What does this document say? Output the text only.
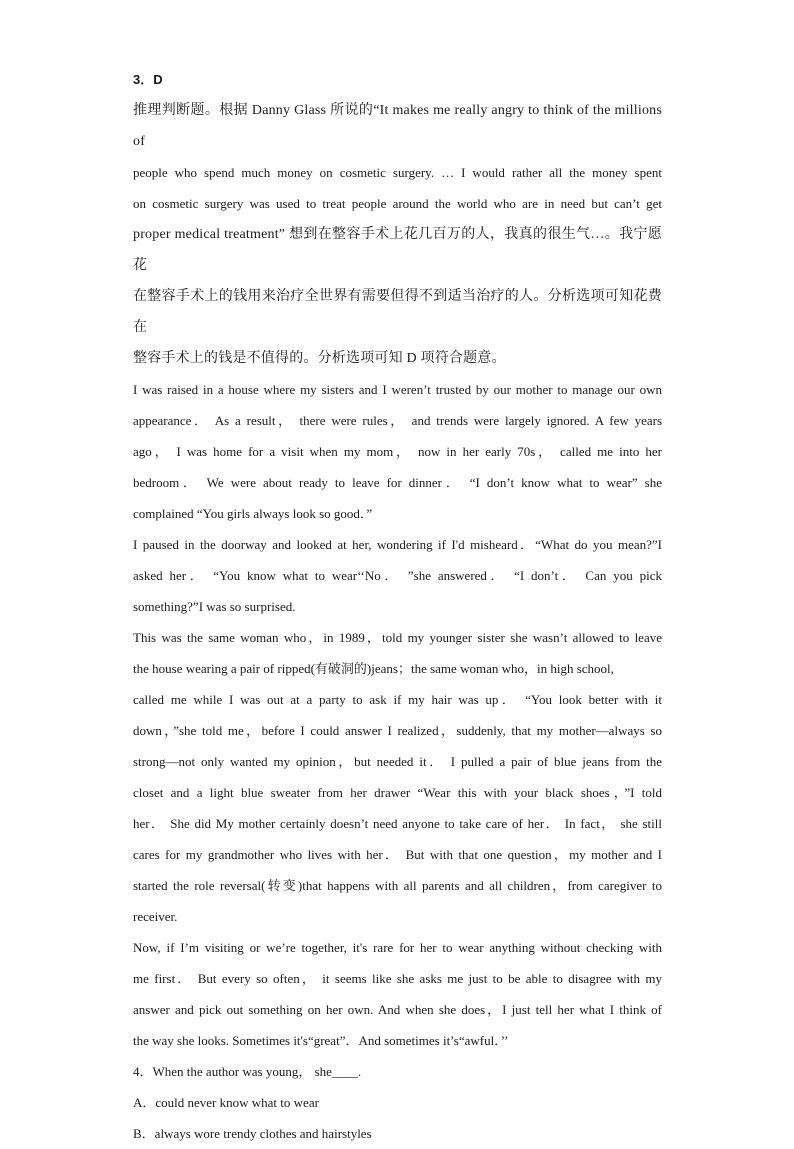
3．D

推理判断题。根据 Danny Glass 所说的“It makes me really angry to think of the millions of

people who spend much money on cosmetic surgery. … I would rather all the money spent

on cosmetic surgery was used to treat people around the world who are in need but can’t get

proper medical treatment” 想到在整容手术上花几百万的人，我真的很生气…。我宁愿花

在整容手术上的钱用来治疗全世界有需要但得不到适当治疗的人。分析选项可知花费在

整容手术上的钱是不值得的。分析选项可知 D 项符合题意。

I was raised in a house where my sisters and I weren’t trusted by our mother to manage our own

appearance． As a result， there were rules， and trends were largely ignored. A few years

ago， I was home for a visit when my mom， now in her early 70s， called me into her

bedroom． We were about ready to leave for dinner． “I don’t know what to wear” she

complained “You girls always look so good．”

I paused in the doorway and looked at her, wondering if I'd misheard．“What do you mean?”I

asked her． “You know what to wear‘‘No． ”she answered． “I don’t． Can you pick

something?”I was so surprised.

This was the same woman who，in 1989，told my younger sister she wasn’t allowed to leave

the house wearing a pair of ripped(有破洞的)jeans；the same woman who，in high school,

called me while I was out at a party to ask if my hair was up． “You look better with it

down，”she told me，before I could answer I realized，suddenly, that my mother—always so

strong—not only wanted my opinion，but needed it． I pulled a pair of blue jeans from the

closet and a light blue sweater from her drawer “Wear this with your black shoes，”I told

her． She did My mother certainly doesn’t need anyone to take care of her． In fact， she still

cares for my grandmother who lives with her． But with that one question，my mother and I

started the role reversal(转变)that happens with all parents and all children，from caregiver to

receiver.

Now, if I’m visiting or we’re together, it's rare for her to wear anything without checking with

me first． But every so often， it seems like she asks me just to be able to disagree with my

answer and pick out something on her own. And when she does，I just tell her what I think of

the way she looks. Sometimes it's“great”．And sometimes it’s“awful．’’

4．When the author was young， she____.

A．could never know what to wear

B．always wore trendy clothes and hairstyles
